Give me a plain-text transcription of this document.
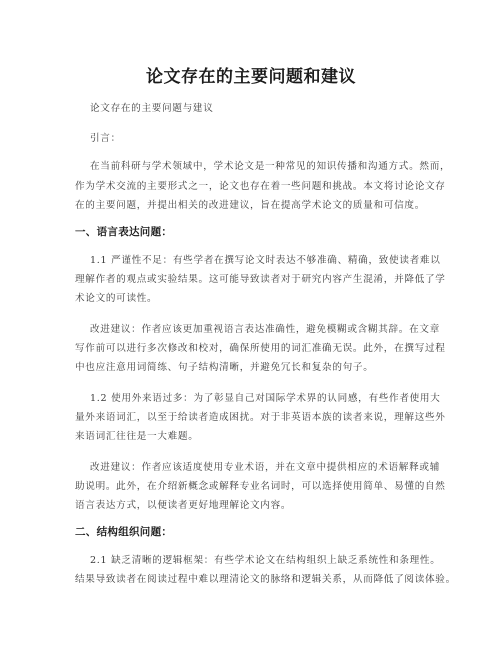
论文存在的主要问题和建议
论文存在的主要问题与建议
引言：
在当前科研与学术领域中，学术论文是一种常见的知识传播和沟通方式。然而，
作为学术交流的主要形式之一，论文也存在着一些问题和挑战。本文将讨论论文存
在的主要问题，并提出相关的改进建议，旨在提高学术论文的质量和可信度。
一、语言表达问题：
1.1 严谨性不足：有些学者在撰写论文时表达不够准确、精确，致使读者难以
理解作者的观点或实验结果。这可能导致读者对于研究内容产生混淆，并降低了学
术论文的可读性。
改进建议：作者应该更加重视语言表达准确性，避免模糊或含糊其辞。在文章
写作前可以进行多次修改和校对，确保所使用的词汇准确无误。此外，在撰写过程
中也应注意用词简练、句子结构清晰，并避免冗长和复杂的句子。
1.2 使用外来语过多：为了彰显自己对国际学术界的认同感，有些作者使用大
量外来语词汇，以至于给读者造成困扰。对于非英语本族的读者来说，理解这些外
来语词汇往往是一大难题。
改进建议：作者应该适度使用专业术语，并在文章中提供相应的术语解释或辅
助说明。此外，在介绍新概念或解释专业名词时，可以选择使用简单、易懂的自然
语言表达方式，以便读者更好地理解论文内容。
二、结构组织问题：
2.1 缺乏清晰的逻辑框架：有些学术论文在结构组织上缺乏系统性和条理性。
结果导致读者在阅读过程中难以理清论文的脉络和逻辑关系，从而降低了阅读体验。
